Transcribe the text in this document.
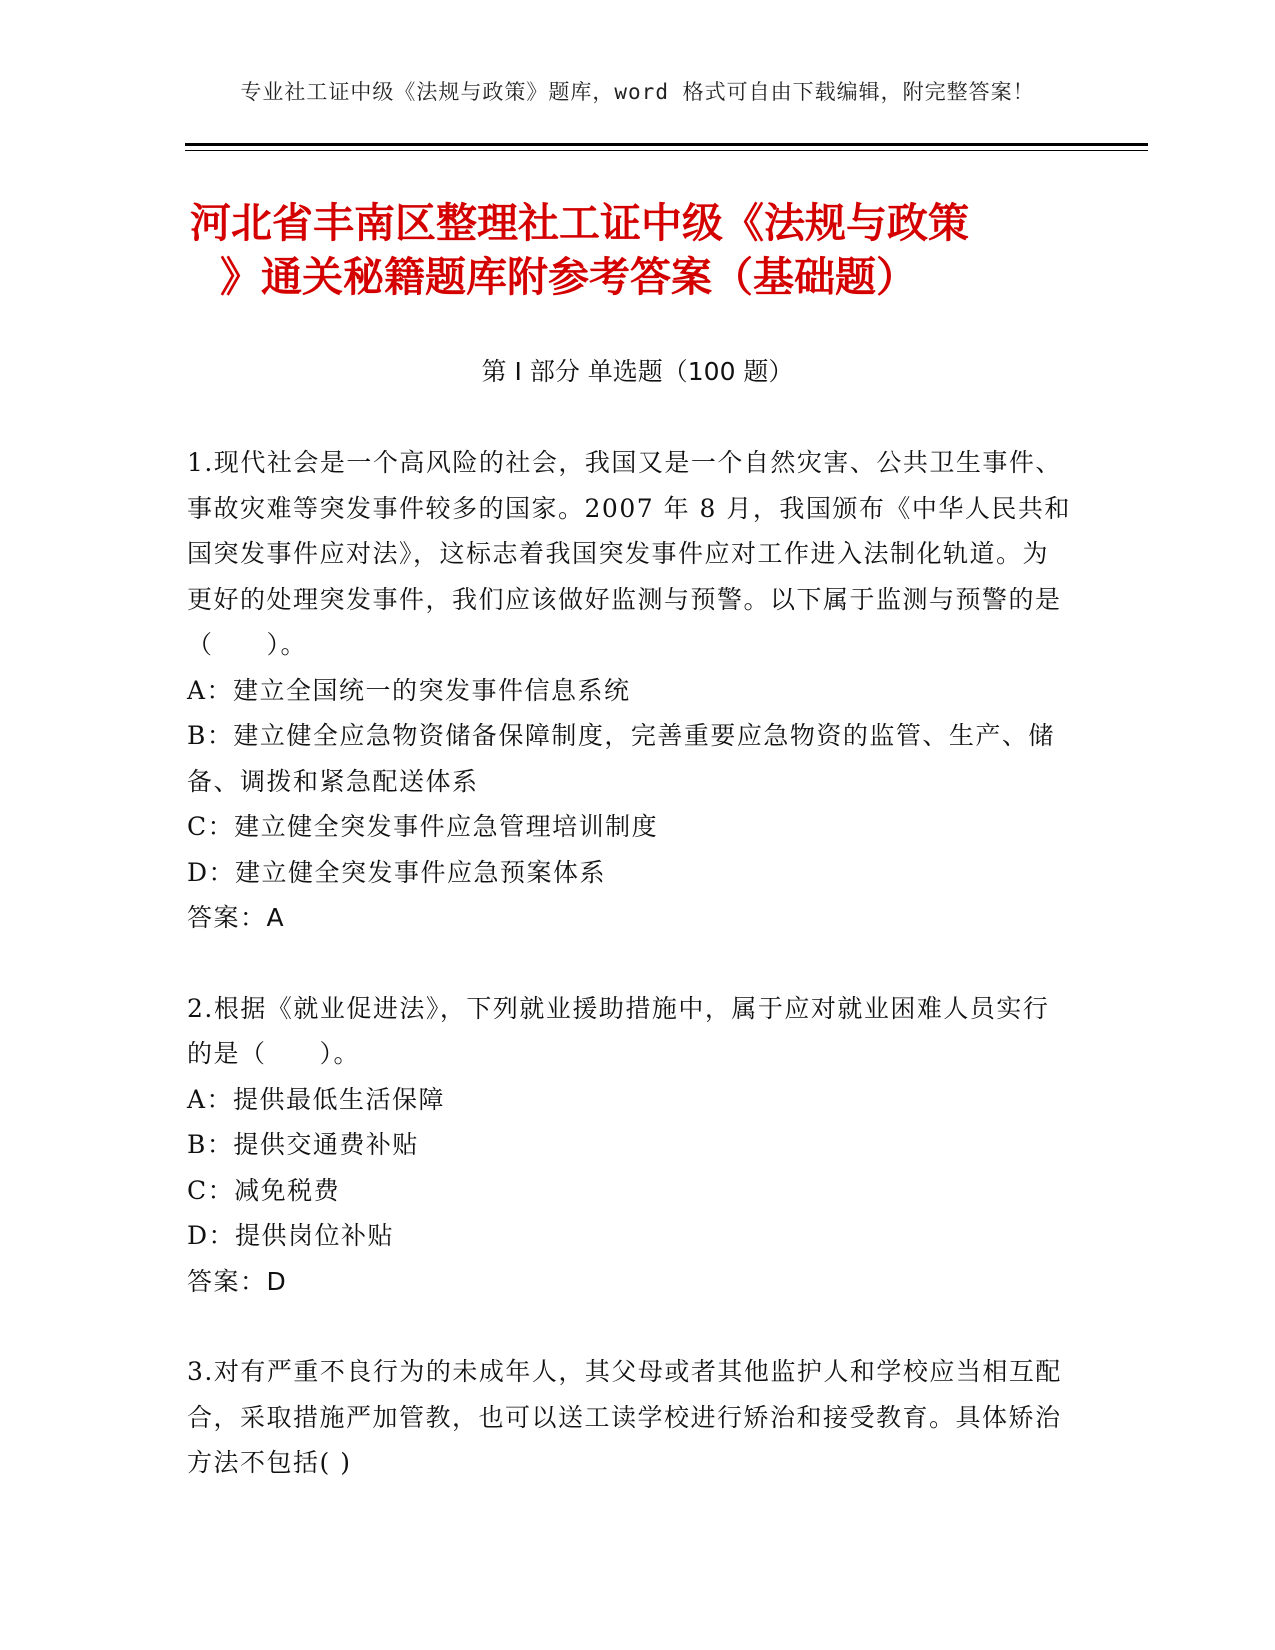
专业社工证中级《法规与政策》题库，word 格式可自由下载编辑，附完整答案！
河北省丰南区整理社工证中级《法规与政策
》通关秘籍题库附参考答案（基础题）
第 I 部分 单选题（100 题）

1.现代社会是一个高风险的社会，我国又是一个自然灾害、公共卫生事件、事故灾难等突发事件较多的国家。2007 年 8 月，我国颁布《中华人民共和国突发事件应对法》，这标志着我国突发事件应对工作进入法制化轨道。为更好的处理突发事件，我们应该做好监测与预警。以下属于监测与预警的是（　　）。

A：建立全国统一的突发事件信息系统

B：建立健全应急物资储备保障制度，完善重要应急物资的监管、生产、储备、调拨和紧急配送体系

C：建立健全突发事件应急管理培训制度

D：建立健全突发事件应急预案体系

答案：A

2.根据《就业促进法》，下列就业援助措施中，属于应对就业困难人员实行的是（　　）。

A：提供最低生活保障

B：提供交通费补贴

C：减免税费

D：提供岗位补贴

答案：D

3.对有严重不良行为的未成年人，其父母或者其他监护人和学校应当相互配合，采取措施严加管教，也可以送工读学校进行矫治和接受教育。具体矫治方法不包括( )
